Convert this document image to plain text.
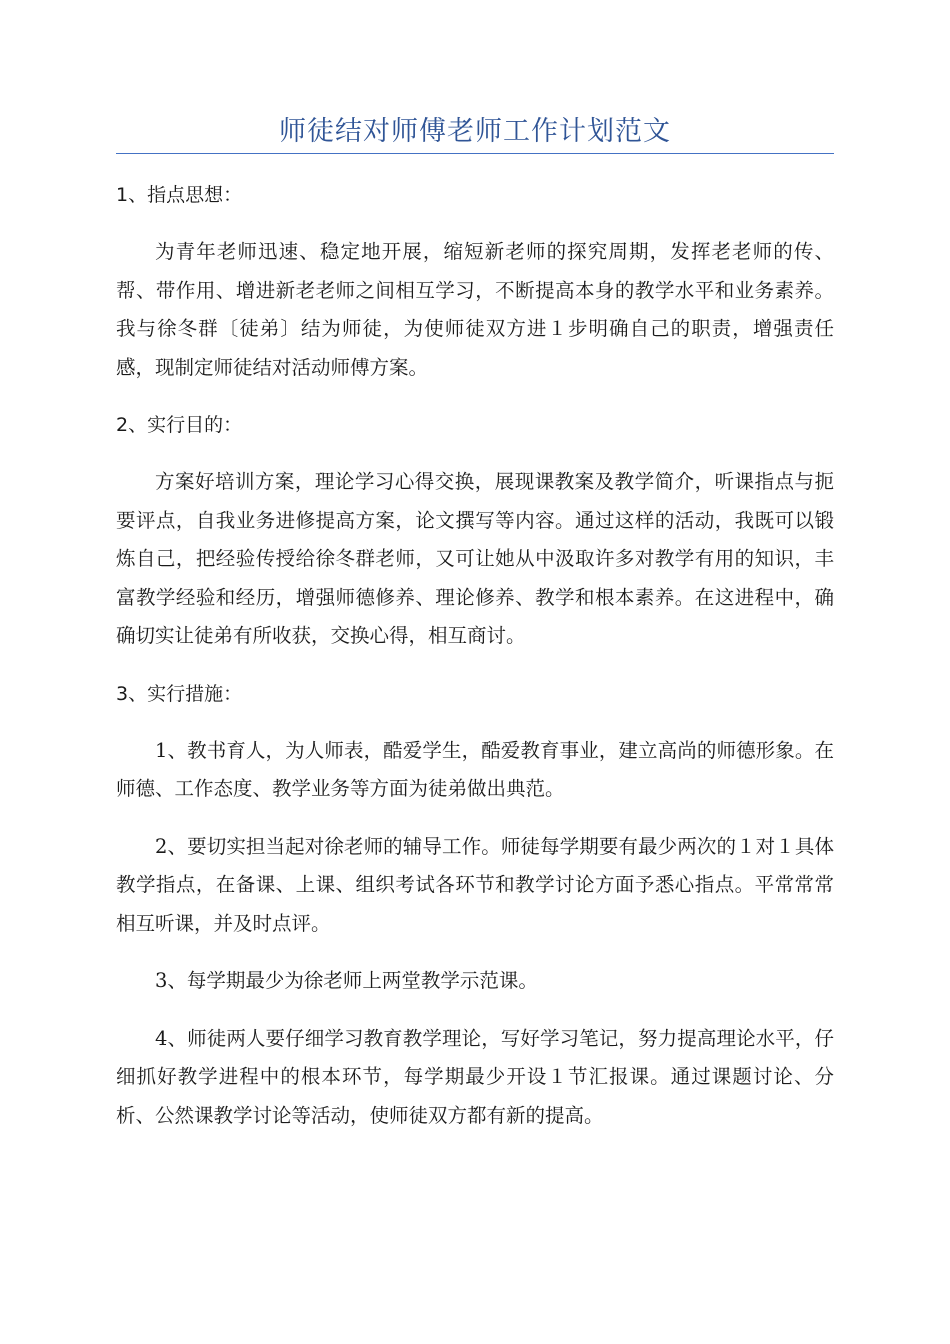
师徒结对师傅老师工作计划范文
1、指点思想：

为青年老师迅速、稳定地开展，缩短新老师的探究周期，发挥老老师的传、帮、带作用、增进新老老师之间相互学习，不断提高本身的教学水平和业务素养。我与徐冬群〔徒弟〕结为师徒，为使师徒双方进１步明确自己的职责，增强责任感，现制定师徒结对活动师傅方案。

2、实行目的：

方案好培训方案，理论学习心得交换，展现课教案及教学简介，听课指点与扼要评点，自我业务进修提高方案，论文撰写等内容。通过这样的活动，我既可以锻炼自己，把经验传授给徐冬群老师，又可让她从中汲取许多对教学有用的知识，丰富教学经验和经历，增强师德修养、理论修养、教学和根本素养。在这进程中，确确切实让徒弟有所收获，交换心得，相互商讨。

3、实行措施：

1、教书育人，为人师表，酷爱学生，酷爱教育事业，建立高尚的师德形象。在师德、工作态度、教学业务等方面为徒弟做出典范。

2、要切实担当起对徐老师的辅导工作。师徒每学期要有最少两次的１对１具体教学指点，在备课、上课、组织考试各环节和教学讨论方面予悉心指点。平常常常相互听课，并及时点评。

3、每学期最少为徐老师上两堂教学示范课。

4、师徒两人要仔细学习教育教学理论，写好学习笔记，努力提高理论水平，仔细抓好教学进程中的根本环节，每学期最少开设１节汇报课。通过课题讨论、分析、公然课教学讨论等活动，使师徒双方都有新的提高。
